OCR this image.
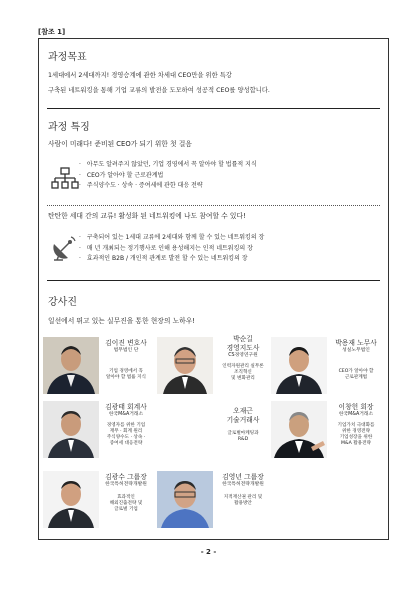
[참조 1]
과정목표
1세대에서 2세대까지! 경영승계에 관한 차세대 CEO만을 위한 특강
구축된 네트워킹을 통해 기업 교류의 발전을 도모하여 성공적 CEO를 양성합니다.
과정 특징
사람이 미래다! 준비된 CEO가 되기 위한 첫 걸음
· 아무도 알려주지 않았던, 기업 경영에서 꼭 알아야 할 법률적 지식
· CEO가 알아야 할 근로관계법
· 주식양수도 · 상속 · 증여세에 관한 대응 전략
탄탄한 세대 간의 교류! 활성화 된 네트워킹에 나도 참여할 수 있다!
· 구축되어 있는 1세대 교류에 2세대와 함께 할 수 있는 네트워킹의 장
· 매 년 개최되는 정기행사로 인해 용성해지는 인적 네트워킹의 장
· 효과적인 B2B / 개인적 관계로 발전 할 수 있는 네트워킹의 장
강사진
일선에서 뛰고 있는 실무진을 통한 현장의 노하우!
김이진 변호사
법무법인 단
기업 경영에서 꼭
알아야 할 법률 지식
박순길
경영지도사
CS경영연구원
인력자원관리 실무론
조직혁신
및 변화관리
박용재 노무사
성실노무법인
CEO가 알아야 할
근로관계법
김광태 회계사
한국M&A거래소
경영자를 위한 기업
재무 · 회계 원리
주식양수도 · 상속 ·
증여세 대응전략
오재근
기술거래사
글로벌마케팅과
R&D
이창헌 회장
한국M&A거래소
기업가치 극대화를
위한 경영전략
기업성장을 위한
M&A 활용전략
김광수 그룹장
한국특허전략개발원
효과적인
해외진출전략 및
글로벌 기업
김영년 그룹장
한국특허전략개발원
지적재산권 관리 및
활용방안
- 2 -
